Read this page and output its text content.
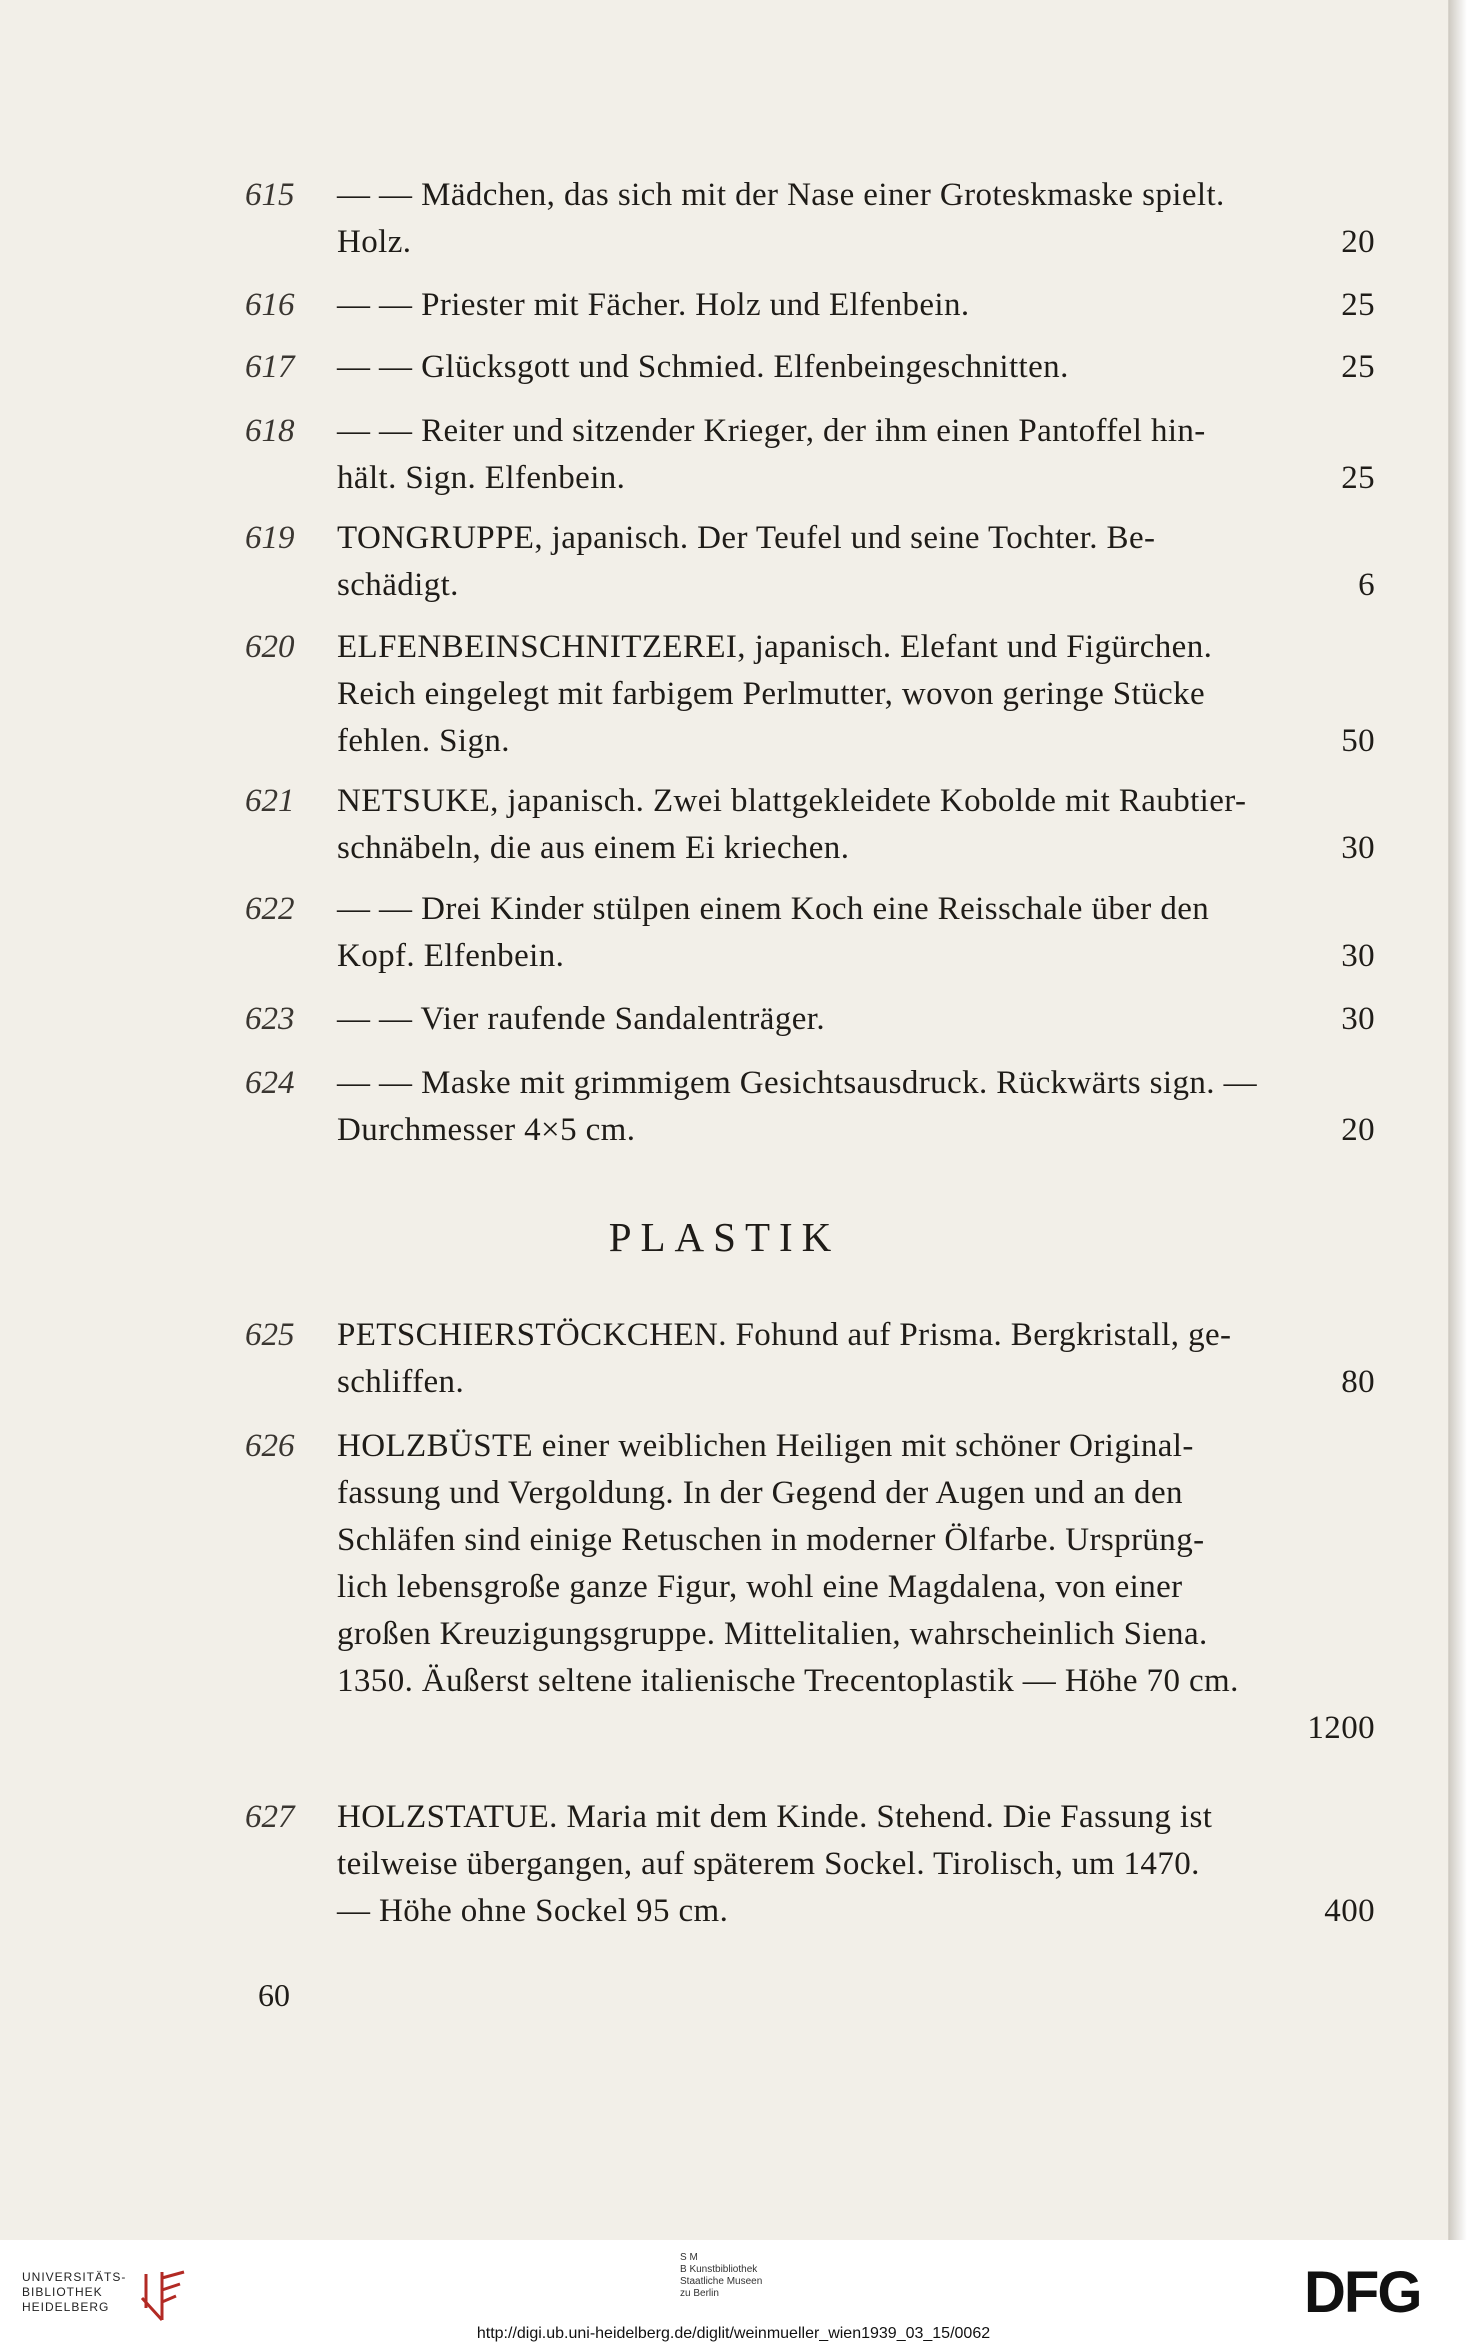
PLASTIK
60
615	— — Mädchen, das sich mit der Nase einer Groteskmaske spielt.
Holz.	20
616	— — Priester mit Fächer. Holz und Elfenbein.	25
617	— — Glücksgott und Schmied. Elfenbeingeschnitten.	25
618	— — Reiter und sitzender Krieger, der ihm einen Pantoffel hin-
hält. Sign. Elfenbein.	25
619	TONGRUPPE, japanisch. Der Teufel und seine Tochter. Be-
schädigt.	6
620	ELFENBEINSCHNITZEREI, japanisch. Elefant und Figürchen.
Reich eingelegt mit farbigem Perlmutter, wovon geringe Stücke
fehlen. Sign.	50
621	NETSUKE, japanisch. Zwei blattgekleidete Kobolde mit Raubtier-
schnäbeln, die aus einem Ei kriechen.	30
622	— — Drei Kinder stülpen einem Koch eine Reisschale über den
Kopf. Elfenbein.	30
623	— — Vier raufende Sandalenträger.	30
624	— — Maske mit grimmigem Gesichtsausdruck. Rückwärts sign. —
Durchmesser 4×5 cm.	20
625	PETSCHIERSTÖCKCHEN. Fohund auf Prisma. Bergkristall, ge-
schliffen.	80
626	HOLZBÜSTE einer weiblichen Heiligen mit schöner Original-
fassung und Vergoldung. In der Gegend der Augen und an den
Schläfen sind einige Retuschen in moderner Ölfarbe. Ursprüng-
lich lebensgroße ganze Figur, wohl eine Magdalena, von einer
großen Kreuzigungsgruppe. Mittelitalien, wahrscheinlich Siena.
1350. Äußerst seltene italienische Trecentoplastik — Höhe 70 cm.
1200
627	HOLZSTATUE. Maria mit dem Kinde. Stehend. Die Fassung ist
teilweise übergangen, auf späterem Sockel. Tirolisch, um 1470.
— Höhe ohne Sockel 95 cm.	400
UNIVERSITÄTS-
BIBLIOTHEK
HEIDELBERG
S M
B Kunstbibliothek
Staatliche Museen
zu Berlin	DFG
http://digi.ub.uni-heidelberg.de/diglit/weinmueller_wien1939_03_15/0062
